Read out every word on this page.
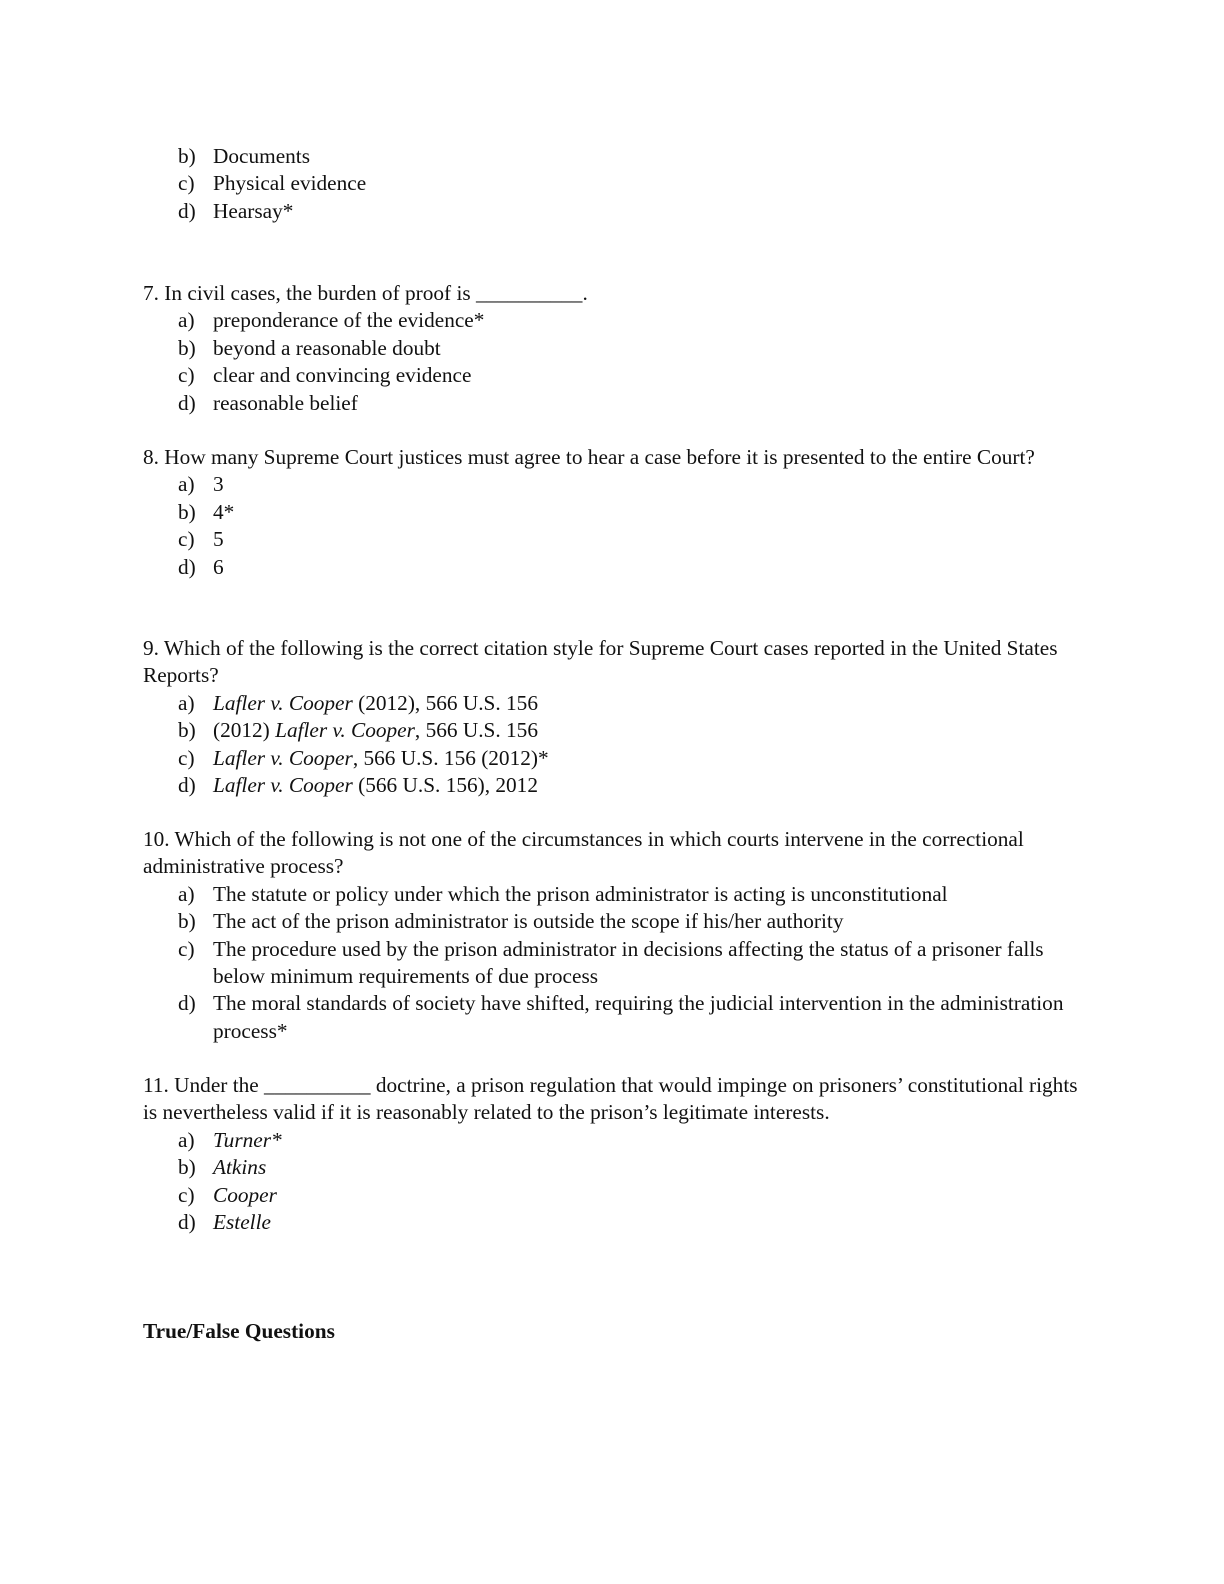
b) Documents
c) Physical evidence
d) Hearsay*

7. In civil cases, the burden of proof is __________.

a) preponderance of the evidence*
b) beyond a reasonable doubt
c) clear and convincing evidence
d) reasonable belief

8. How many Supreme Court justices must agree to hear a case before it is presented to the entire Court?

a) 3
b) 4*
c) 5
d) 6

9. Which of the following is the correct citation style for Supreme Court cases reported in the United States Reports?

a) Lafler v. Cooper (2012), 566 U.S. 156
b) (2012) Lafler v. Cooper, 566 U.S. 156
c) Lafler v. Cooper, 566 U.S. 156 (2012)*
d) Lafler v. Cooper (566 U.S. 156), 2012

10. Which of the following is not one of the circumstances in which courts intervene in the correctional administrative process?

a) The statute or policy under which the prison administrator is acting is unconstitutional
b) The act of the prison administrator is outside the scope if his/her authority
c) The procedure used by the prison administrator in decisions affecting the status of a prisoner falls below minimum requirements of due process
d) The moral standards of society have shifted, requiring the judicial intervention in the administration process*

11. Under the __________ doctrine, a prison regulation that would impinge on prisoners’ constitutional rights is nevertheless valid if it is reasonably related to the prison’s legitimate interests.

a) Turner*
b) Atkins
c) Cooper
d) Estelle

True/False Questions
